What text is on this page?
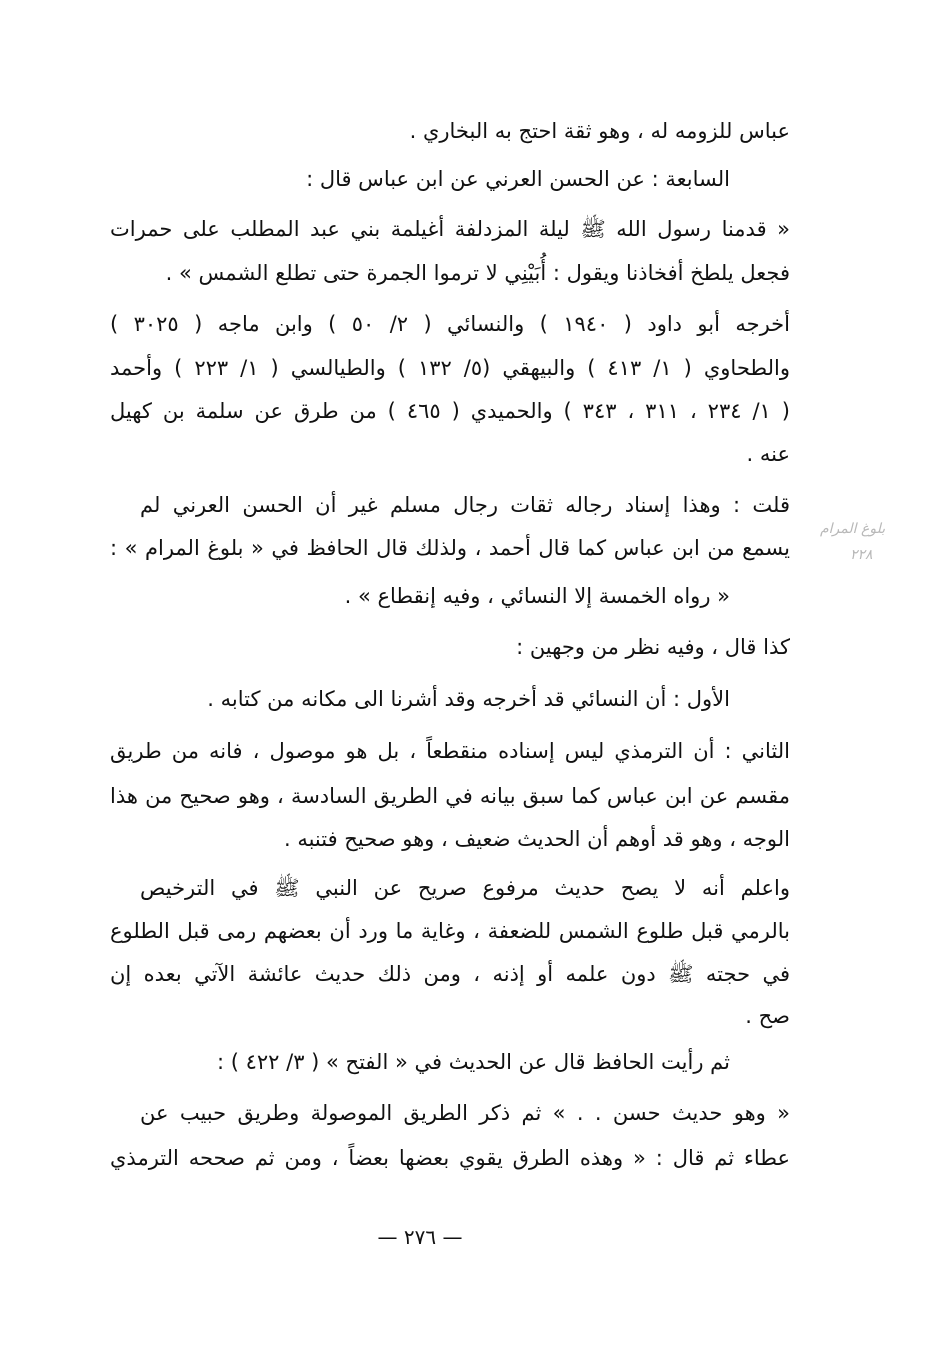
عباس للزومه له ، وهو ثقة احتج به البخاري .
السابعة : عن الحسن العرني عن ابن عباس قال :
« قدمنا رسول الله ﷺ ليلة المزدلفة أغيلمة بني عبد المطلب على حمرات
فجعل يلطخ أفخاذنا ويقول : أُبَيْنِي لا ترموا الجمرة حتى تطلع الشمس » .
أخرجه أبو داود ( ١٩٤٠ ) والنسائي ( ٢/ ٥٠ ) وابن ماجه ( ٣٠٢٥ )
والطحاوي ( ١/ ٤١٣ ) والبيهقي (٥/ ١٣٢ ) والطيالسي ( ١/ ٢٢٣ ) وأحمد
( ١/ ٢٣٤ ، ٣١١ ، ٣٤٣ ) والحميدي ( ٤٦٥ ) من طرق عن سلمة بن كهيل
عنه .
قلت : وهذا إسناد رجاله ثقات رجال مسلم غير أن الحسن العرني لم
يسمع من ابن عباس كما قال أحمد ، ولذلك قال الحافظ في « بلوغ المرام » :
« رواه الخمسة إلا النسائي ، وفيه إنقطاع » .
كذا قال ، وفيه نظر من وجهين :
الأول : أن النسائي قد أخرجه وقد أشرنا الى مكانه من كتابه .
الثاني : أن الترمذي ليس إسناده منقطعاً ، بل هو موصول ، فانه من طريق
مقسم عن ابن عباس كما سبق بيانه في الطريق السادسة ، وهو صحيح من هذا
الوجه ، وهو قد أوهم أن الحديث ضعيف ، وهو صحيح فتنبه .
واعلم أنه لا يصح حديث مرفوع صريح عن النبي ﷺ في الترخيص
بالرمي قبل طلوع الشمس للضعفة ، وغاية ما ورد أن بعضهم رمى قبل الطلوع
في حجته ﷺ دون علمه أو إذنه ، ومن ذلك حديث عائشة الآتي بعده إن
صح .
ثم رأيت الحافظ قال عن الحديث في « الفتح » ( ٣/ ٤٢٢ ) :
« وهو حديث حسن . . » ثم ذكر الطريق الموصولة وطريق حبيب عن
عطاء ثم قال : « وهذه الطرق يقوي بعضها بعضاً ، ومن ثم صححه الترمذي
بلوغ المرام
٢٢٨
— ٢٧٦ —
